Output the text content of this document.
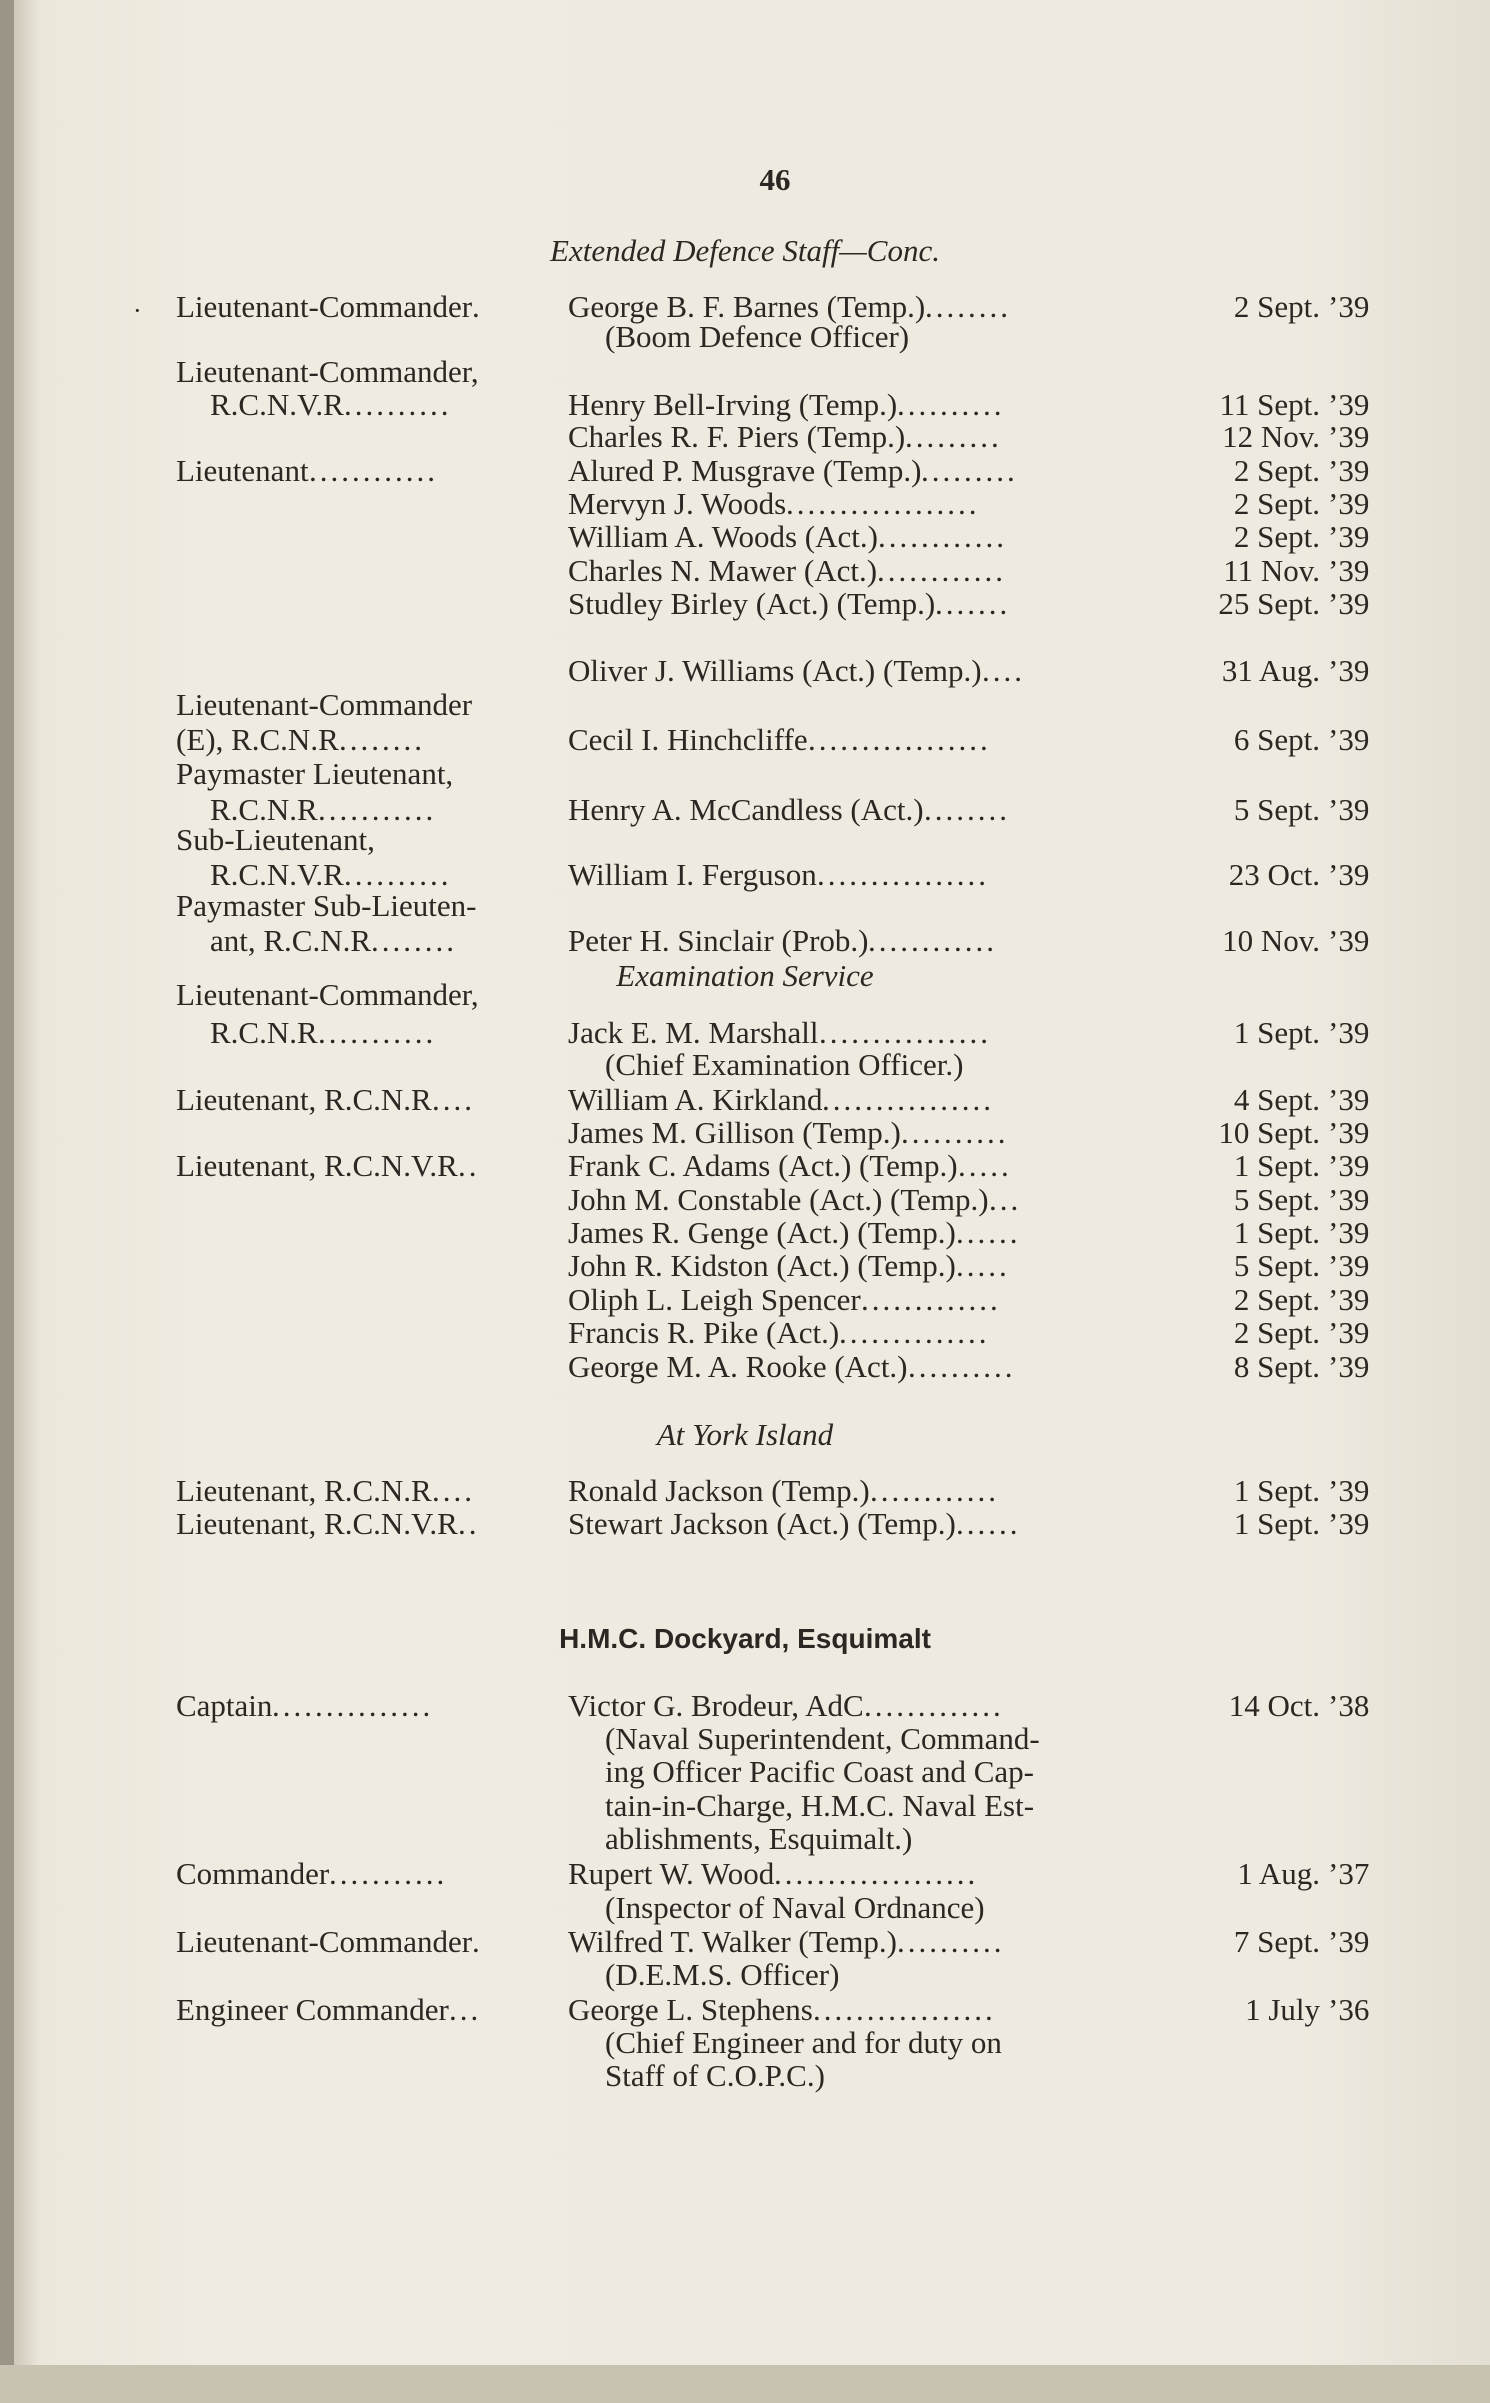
·
46
Extended Defence Staff—Conc.
Lieutenant-Commander .	George B. F. Barnes (Temp.) ........	2 Sept. ’39
(Boom Defence Officer)
Lieutenant-Commander,
R.C.N.V.R ..........	Henry Bell-Irving (Temp.) ..........	11 Sept. ’39
Charles R. F. Piers (Temp.) .........	12 Nov. ’39
Lieutenant ............	Alured P. Musgrave (Temp.) .........	2 Sept. ’39
Mervyn J. Woods ..................	2 Sept. ’39
William A. Woods (Act.) ............	2 Sept. ’39
Charles N. Mawer (Act.) ............	11 Nov. ’39
Studley Birley (Act.) (Temp.) .......	25 Sept. ’39
Oliver J. Williams (Act.) (Temp.) ....	31 Aug. ’39
Lieutenant-Commander
(E), R.C.N.R ........	Cecil I. Hinchcliffe .................	6 Sept. ’39
Paymaster Lieutenant,
R.C.N.R ...........	Henry A. McCandless (Act.) ........	5 Sept. ’39
Sub-Lieutenant,
R.C.N.V.R ..........	William I. Ferguson ................	23 Oct. ’39
Paymaster Sub-Lieuten-
ant, R.C.N.R ........	Peter H. Sinclair (Prob.) ............	10 Nov. ’39
Examination Service
Lieutenant-Commander,
R.C.N.R ...........	Jack E. M. Marshall ................	1 Sept. ’39
(Chief Examination Officer.)
Lieutenant, R.C.N.R ....	William A. Kirkland ................	4 Sept. ’39
James M. Gillison (Temp.) ..........	10 Sept. ’39
Lieutenant, R.C.N.V.R ..	Frank C. Adams (Act.) (Temp.) .....	1 Sept. ’39
John M. Constable (Act.) (Temp.) ...	5 Sept. ’39
James R. Genge (Act.) (Temp.) ......	1 Sept. ’39
John R. Kidston (Act.) (Temp.) .....	5 Sept. ’39
Oliph L. Leigh Spencer .............	2 Sept. ’39
Francis R. Pike (Act.) ..............	2 Sept. ’39
George M. A. Rooke (Act.) ..........	8 Sept. ’39
At York Island
Lieutenant, R.C.N.R ....	Ronald Jackson (Temp.) ............	1 Sept. ’39
Lieutenant, R.C.N.V.R ..	Stewart Jackson (Act.) (Temp.) ......	1 Sept. ’39
H.M.C. Dockyard, Esquimalt
Captain ...............	Victor G. Brodeur, AdC .............	14 Oct. ’38
(Naval Superintendent, Command-
ing Officer Pacific Coast and Cap-
tain-in-Charge, H.M.C. Naval Est-
ablishments, Esquimalt.)
Commander ...........	Rupert W. Wood ...................	1 Aug. ’37
(Inspector of Naval Ordnance)
Lieutenant-Commander .	Wilfred T. Walker (Temp.) ..........	7 Sept. ’39
(D.E.M.S. Officer)
Engineer Commander ...	George L. Stephens .................	1 July ’36
(Chief Engineer and for duty on
Staff of C.O.P.C.)
